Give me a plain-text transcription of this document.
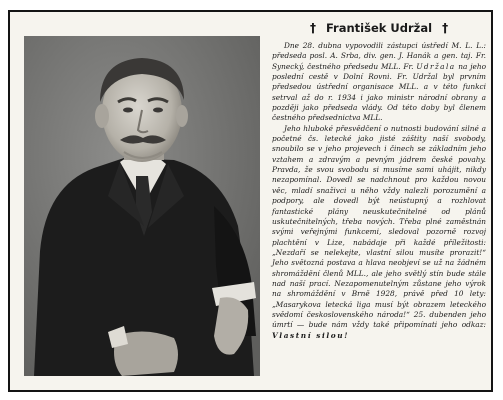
† František Udržal †

Dne 28. dubna vypovodili zástupci ústředí M. L. L.: předseda posl. A. Srba, div. gen. J. Hanák a gen. taj. Fr. Synecký, čestného předsedu MLL. Fr. Udržala na jeho poslední cestě v Dolní Rovni. Fr. Udržal byl prvním předsedou ústřední organisace MLL. a v této funkci setrval až do r. 1934 i jako ministr národní obrany a později jako předseda vlády. Od této doby byl členem čestného předsednictva MLL.

Jeho hluboké přesvědčení o nutnosti budování silné a početné čs. letecké jako jisté záštity naší svobody, snoubilo se v jeho projevech i činech se základním jeho vztahem a zdravým a pevným jádrem české povahy. Pravda, že svou svobodu si musíme sami uhájit, nikdy nezapomínal. Dovedl se nadchnout pro každou novou věc, mladí snaživci u něho vždy nalezli porozumění a podpory, ale dovedl být neústupný a rozhlovat fantastické plány neuskutečnitelné od plánů uskutečnitelných, třeba nových. Třeba plné zaměstnán svými veřejnými funkcemi, sledoval pozorně rozvoj plachtění v Lize, nabádaje při každé příležitosti: „Nezdaří se nelekejte, vlastní silou musíte prorazit!“ Jeho světozná postava a hlava neobjeví se už na žádném shromáždění členů MLL., ale jeho světlý stín bude stále nad naší prací. Nezapomenutelným zůstane jeho výrok na shromáždění v Brně 1928, právě před 10 lety: „Masarykova letecká liga musí být obrazem leteckého svědomí československého národa!“ 25. dubenden jeho úmrtí — bude nám vždy také připomínati jeho odkaz: Vlastní silou!
